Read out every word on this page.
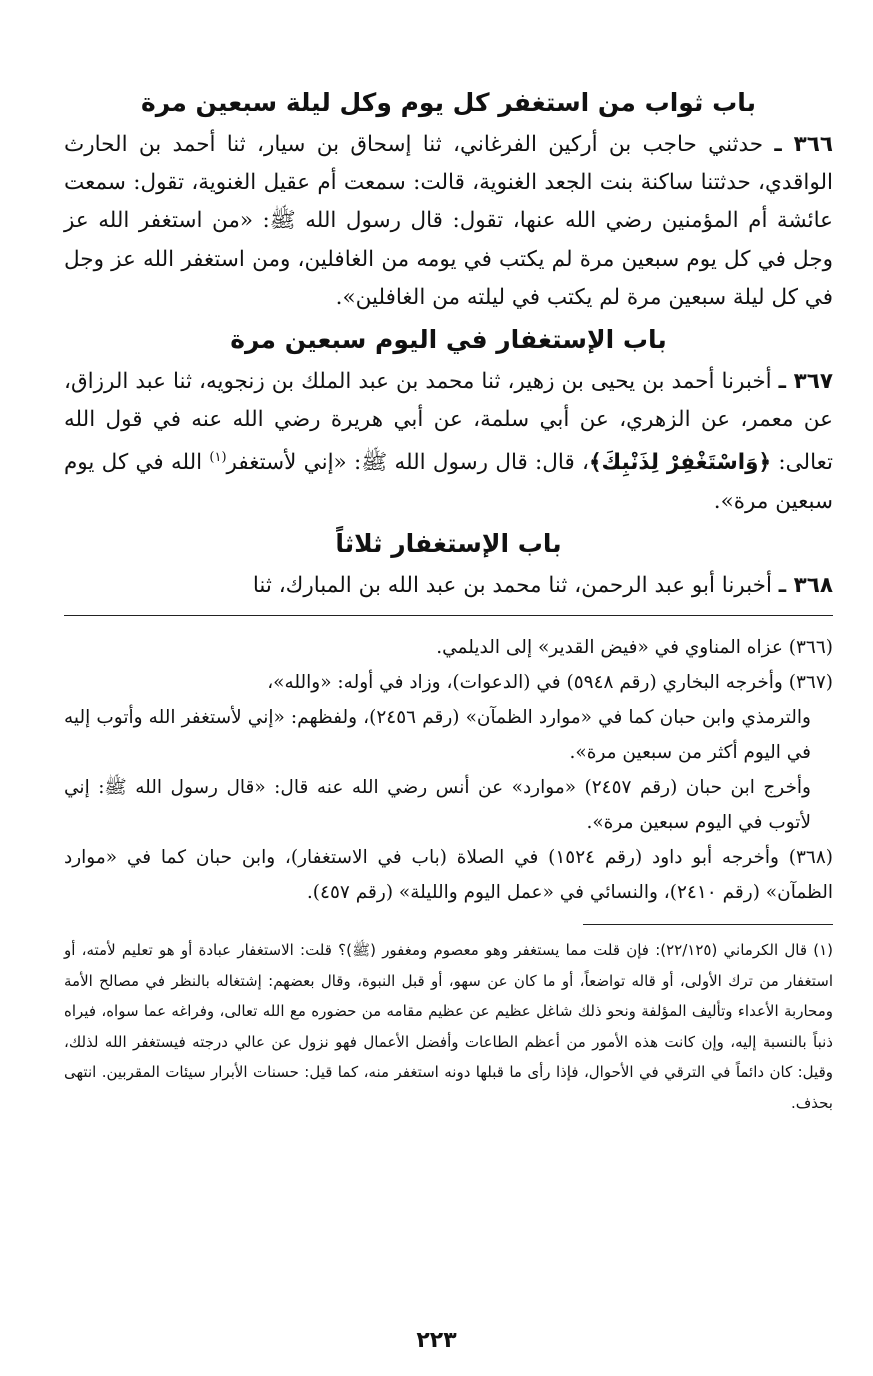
باب ثواب من استغفر كل يوم وكل ليلة سبعين مرة

٣٦٦ ـ حدثني حاجب بن أركين الفرغاني، ثنا إسحاق بن سيار، ثنا أحمد بن الحارث الواقدي، حدثتنا ساكنة بنت الجعد الغنوية، قالت: سمعت أم عقيل الغنوية، تقول: سمعت عائشة أم المؤمنين رضي الله عنها، تقول: قال رسول الله ﷺ: «من استغفر الله عز وجل في كل يوم سبعين مرة لم يكتب في يومه من الغافلين، ومن استغفر الله عز وجل في كل ليلة سبعين مرة لم يكتب في ليلته من الغافلين».

باب الإستغفار في اليوم سبعين مرة

٣٦٧ ـ أخبرنا أحمد بن يحيى بن زهير، ثنا محمد بن عبد الملك بن زنجويه، ثنا عبد الرزاق، عن معمر، عن الزهري، عن أبي سلمة، عن أبي هريرة رضي الله عنه في قول الله تعالى: ﴿وَاسْتَغْفِرْ لِذَنْبِكَ﴾، قال: قال رسول الله ﷺ: «إني لأستغفر$^{(١)}$ الله في كل يوم سبعين مرة».

باب الإستغفار ثلاثاً

٣٦٨ ـ أخبرنا أبو عبد الرحمن، ثنا محمد بن عبد الله بن المبارك، ثنا

(٣٦٦) عزاه المناوي في «فيض القدير» إلى الديلمي.

(٣٦٧) وأخرجه البخاري (رقم ٥٩٤٨) في (الدعوات)، وزاد في أوله: «والله»،

والترمذي وابن حبان كما في «موارد الظمآن» (رقم ٢٤٥٦)، ولفظهم: «إني لأستغفر الله وأتوب إليه في اليوم أكثر من سبعين مرة».

وأخرج ابن حبان (رقم ٢٤٥٧) «موارد» عن أنس رضي الله عنه قال: «قال رسول الله ﷺ: إني لأتوب في اليوم سبعين مرة».

(٣٦٨) وأخرجه أبو داود (رقم ١٥٢٤) في الصلاة (باب في الاستغفار)، وابن حبان كما في «موارد الظمآن» (رقم ٢٤١٠)، والنسائي في «عمل اليوم والليلة» (رقم ٤٥٧).

(١) قال الكرماني (٢٢/١٢٥): فإن قلت مما يستغفر وهو معصوم ومغفور (ﷺ)؟ قلت: الاستغفار عبادة أو هو تعليم لأمته، أو استغفار من ترك الأولى، أو قاله تواضعاً، أو ما كان عن سهو، أو قبل النبوة، وقال بعضهم: إشتغاله بالنظر في مصالح الأمة ومحاربة الأعداء وتأليف المؤلفة ونحو ذلك شاغل عظيم عن عظيم مقامه من حضوره مع الله تعالى، وفراغه عما سواه، فيراه ذنباً بالنسبة إليه، وإن كانت هذه الأمور من أعظم الطاعات وأفضل الأعمال فهو نزول عن عالي درجته فيستغفر الله لذلك، وقيل: كان دائماً في الترقي في الأحوال، فإذا رأى ما قبلها دونه استغفر منه، كما قيل: حسنات الأبرار سيئات المقربين. انتهى بحذف.

٢٢٣
